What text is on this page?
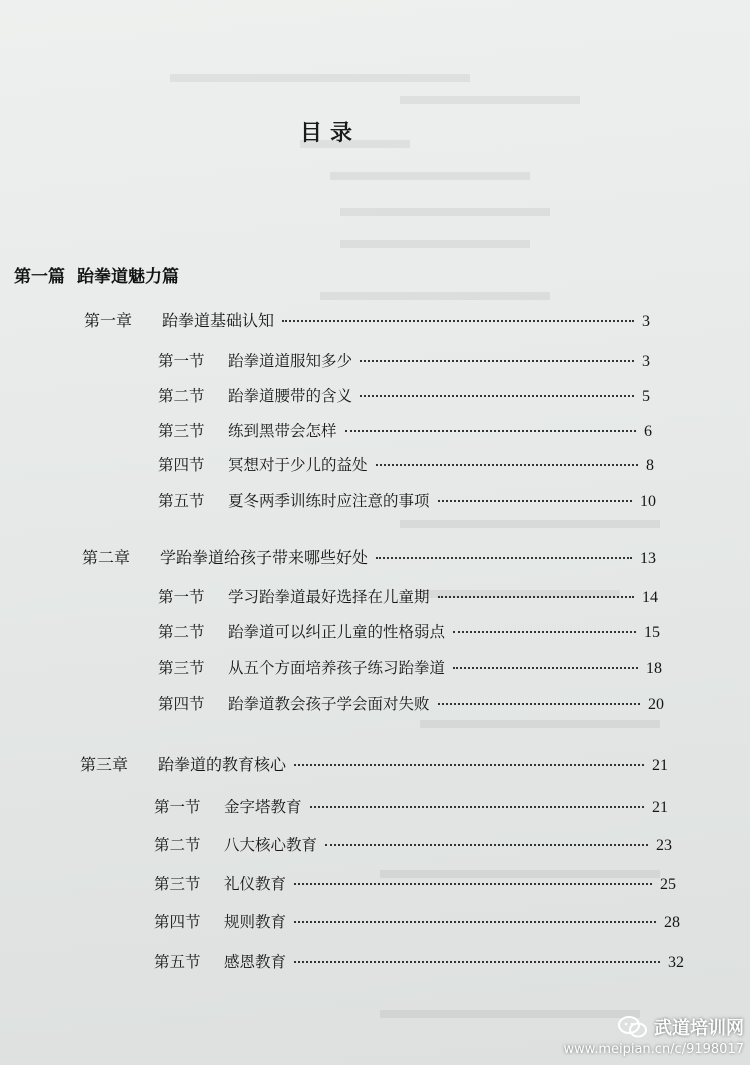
目录
第一篇 跆拳道魅力篇
第一章	跆拳道基础认知	3
第一节	跆拳道道服知多少	3
第二节	跆拳道腰带的含义	5
第三节	练到黑带会怎样	6
第四节	冥想对于少儿的益处	8
第五节	夏冬两季训练时应注意的事项	10
第二章	学跆拳道给孩子带来哪些好处	13
第一节	学习跆拳道最好选择在儿童期	14
第二节	跆拳道可以纠正儿童的性格弱点	15
第三节	从五个方面培养孩子练习跆拳道	18
第四节	跆拳道教会孩子学会面对失败	20
第三章	跆拳道的教育核心	21
第一节	金字塔教育	21
第二节	八大核心教育	23
第三节	礼仪教育	25
第四节	规则教育	28
第五节	感恩教育	32
武道培训网
www.meipian.cn/c/9198017
